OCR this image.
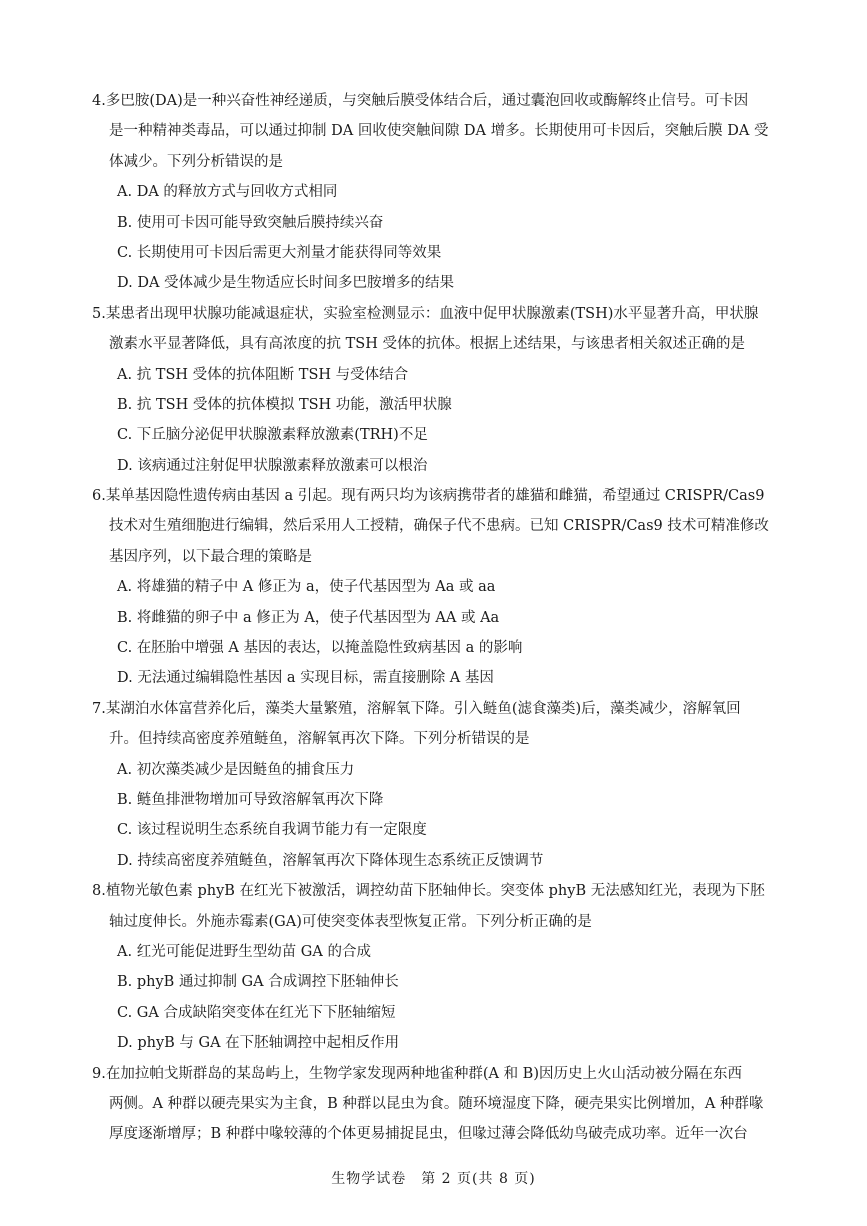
4.多巴胺(DA)是一种兴奋性神经递质，与突触后膜受体结合后，通过囊泡回收或酶解终止信号。可卡因
是一种精神类毒品，可以通过抑制 DA 回收使突触间隙 DA 增多。长期使用可卡因后，突触后膜 DA 受
体减少。下列分析错误的是
A. DA 的释放方式与回收方式相同
B. 使用可卡因可能导致突触后膜持续兴奋
C. 长期使用可卡因后需更大剂量才能获得同等效果
D. DA 受体减少是生物适应长时间多巴胺增多的结果
5.某患者出现甲状腺功能减退症状，实验室检测显示：血液中促甲状腺激素(TSH)水平显著升高，甲状腺
激素水平显著降低，具有高浓度的抗 TSH 受体的抗体。根据上述结果，与该患者相关叙述正确的是
A. 抗 TSH 受体的抗体阻断 TSH 与受体结合
B. 抗 TSH 受体的抗体模拟 TSH 功能，激活甲状腺
C. 下丘脑分泌促甲状腺激素释放激素(TRH)不足
D. 该病通过注射促甲状腺激素释放激素可以根治
6.某单基因隐性遗传病由基因 a 引起。现有两只均为该病携带者的雄猫和雌猫，希望通过 CRISPR/Cas9
技术对生殖细胞进行编辑，然后采用人工授精，确保子代不患病。已知 CRISPR/Cas9 技术可精准修改
基因序列，以下最合理的策略是
A. 将雄猫的精子中 A 修正为 a，使子代基因型为 Aa 或 aa
B. 将雌猫的卵子中 a 修正为 A，使子代基因型为 AA 或 Aa
C. 在胚胎中增强 A 基因的表达，以掩盖隐性致病基因 a 的影响
D. 无法通过编辑隐性基因 a 实现目标，需直接删除 A 基因
7.某湖泊水体富营养化后，藻类大量繁殖，溶解氧下降。引入鲢鱼(滤食藻类)后，藻类减少，溶解氧回
升。但持续高密度养殖鲢鱼，溶解氧再次下降。下列分析错误的是
A. 初次藻类减少是因鲢鱼的捕食压力
B. 鲢鱼排泄物增加可导致溶解氧再次下降
C. 该过程说明生态系统自我调节能力有一定限度
D. 持续高密度养殖鲢鱼，溶解氧再次下降体现生态系统正反馈调节
8.植物光敏色素 phyB 在红光下被激活，调控幼苗下胚轴伸长。突变体 phyB 无法感知红光，表现为下胚
轴过度伸长。外施赤霉素(GA)可使突变体表型恢复正常。下列分析正确的是
A. 红光可能促进野生型幼苗 GA 的合成
B. phyB 通过抑制 GA 合成调控下胚轴伸长
C. GA 合成缺陷突变体在红光下下胚轴缩短
D. phyB 与 GA 在下胚轴调控中起相反作用
9.在加拉帕戈斯群岛的某岛屿上，生物学家发现两种地雀种群(A 和 B)因历史上火山活动被分隔在东西
两侧。A 种群以硬壳果实为主食，B 种群以昆虫为食。随环境湿度下降，硬壳果实比例增加，A 种群喙
厚度逐渐增厚；B 种群中喙较薄的个体更易捕捉昆虫，但喙过薄会降低幼鸟破壳成功率。近年一次台
生物学试卷　第 2 页(共 8 页)
